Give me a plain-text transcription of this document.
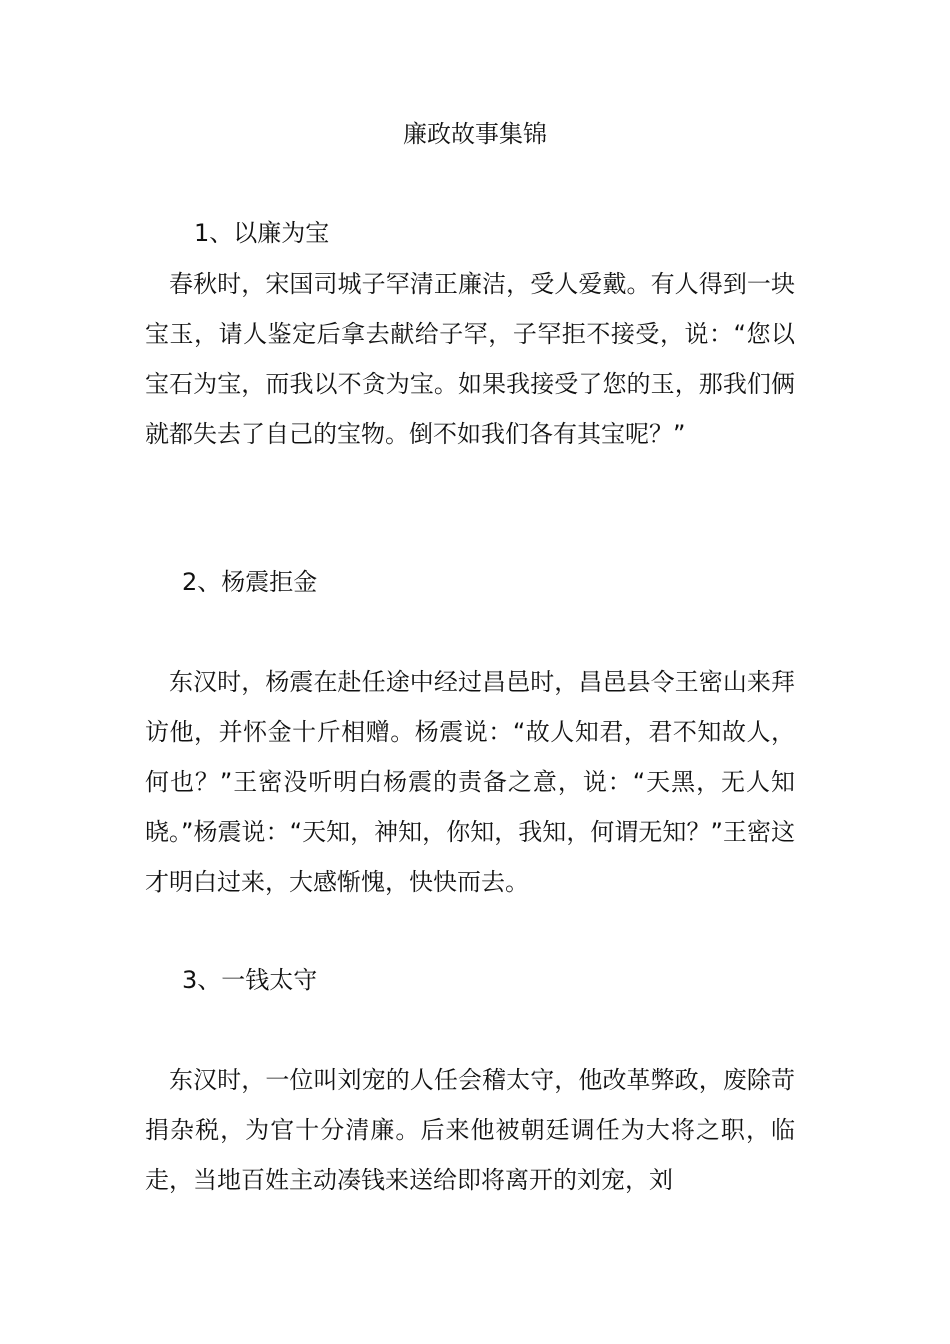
廉政故事集锦
1、以廉为宝

春秋时，宋国司城子罕清正廉洁，受人爱戴。有人得到一块宝玉，请人鉴定后拿去献给子罕，子罕拒不接受，说：“您以宝石为宝，而我以不贪为宝。如果我接受了您的玉，那我们俩就都失去了自己的宝物。倒不如我们各有其宝呢？”

2、杨震拒金

东汉时，杨震在赴任途中经过昌邑时，昌邑县令王密山来拜访他，并怀金十斤相赠。杨震说：“故人知君，君不知故人，何也？”王密没听明白杨震的责备之意，说：“天黑，无人知晓。”杨震说：“天知，神知，你知，我知，何谓无知？”王密这才明白过来，大感惭愧，快快而去。

3、一钱太守

东汉时，一位叫刘宠的人任会稽太守，他改革弊政，废除苛捐杂税，为官十分清廉。后来他被朝廷调任为大将之职，临走，当地百姓主动凑钱来送给即将离开的刘宠，刘
